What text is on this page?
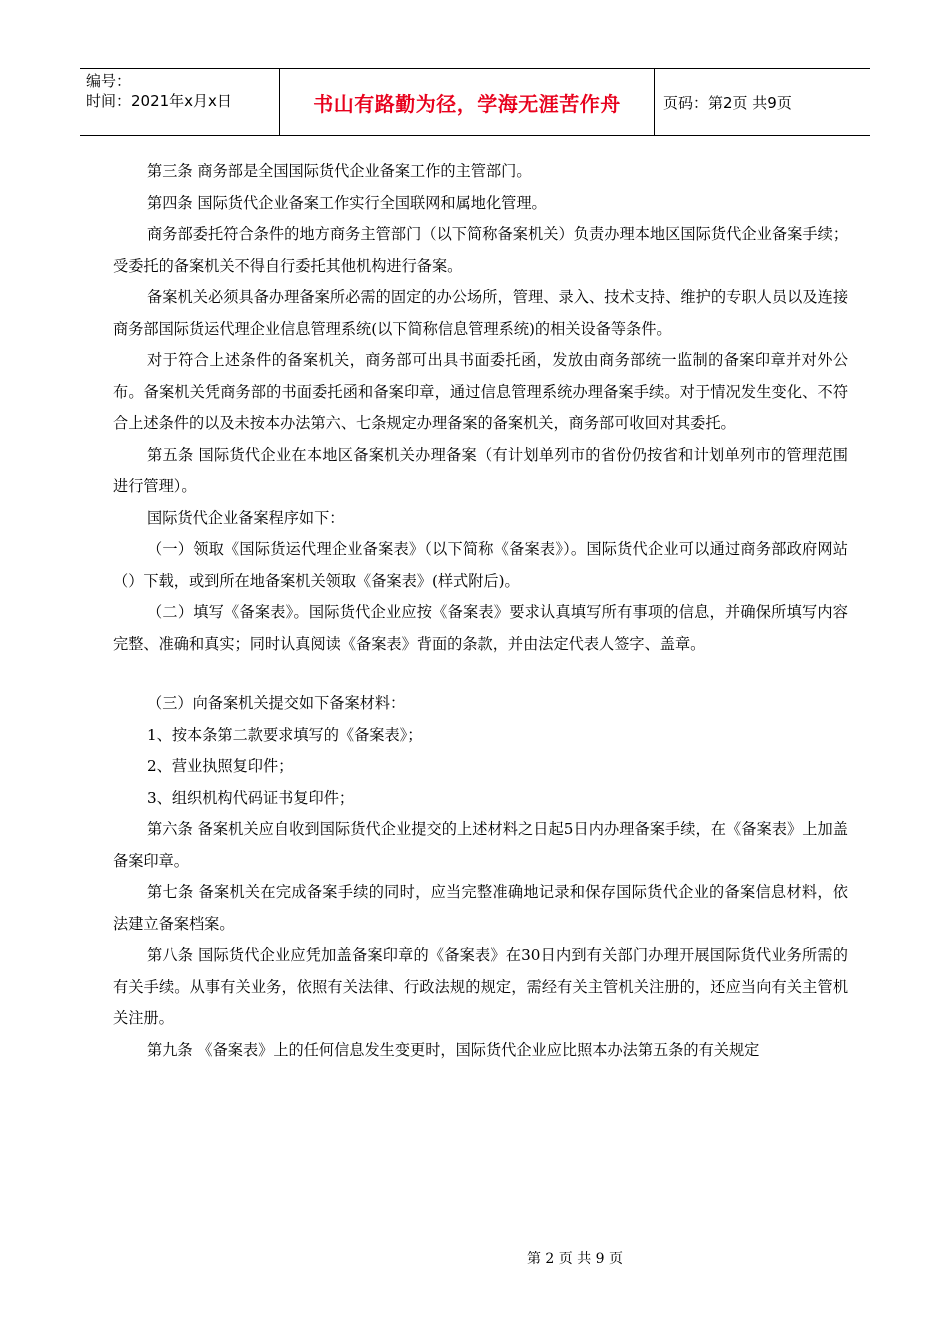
编号：
时间：2021年x月x日	书山有路勤为径，学海无涯苦作舟	页码：第2页 共9页

第三条 商务部是全国国际货代企业备案工作的主管部门。

第四条 国际货代企业备案工作实行全国联网和属地化管理。

商务部委托符合条件的地方商务主管部门（以下简称备案机关）负责办理本地区国际货代企业备案手续；受委托的备案机关不得自行委托其他机构进行备案。

备案机关必须具备办理备案所必需的固定的办公场所，管理、录入、技术支持、维护的专职人员以及连接商务部国际货运代理企业信息管理系统(以下简称信息管理系统)的相关设备等条件。

对于符合上述条件的备案机关，商务部可出具书面委托函，发放由商务部统一监制的备案印章并对外公布。备案机关凭商务部的书面委托函和备案印章，通过信息管理系统办理备案手续。对于情况发生变化、不符合上述条件的以及未按本办法第六、七条规定办理备案的备案机关，商务部可收回对其委托。

第五条 国际货代企业在本地区备案机关办理备案（有计划单列市的省份仍按省和计划单列市的管理范围进行管理）。

国际货代企业备案程序如下：

（一）领取《国际货运代理企业备案表》（以下简称《备案表》）。国际货代企业可以通过商务部政府网站（）下载，或到所在地备案机关领取《备案表》(样式附后)。

（二）填写《备案表》。国际货代企业应按《备案表》要求认真填写所有事项的信息，并确保所填写内容完整、准确和真实；同时认真阅读《备案表》背面的条款，并由法定代表人签字、盖章。

（三）向备案机关提交如下备案材料：

1、按本条第二款要求填写的《备案表》；

2、营业执照复印件；

3、组织机构代码证书复印件；

第六条 备案机关应自收到国际货代企业提交的上述材料之日起5日内办理备案手续，在《备案表》上加盖备案印章。

第七条 备案机关在完成备案手续的同时，应当完整准确地记录和保存国际货代企业的备案信息材料，依法建立备案档案。

第八条 国际货代企业应凭加盖备案印章的《备案表》在30日内到有关部门办理开展国际货代业务所需的有关手续。从事有关业务，依照有关法律、行政法规的规定，需经有关主管机关注册的，还应当向有关主管机关注册。

第九条 《备案表》上的任何信息发生变更时，国际货代企业应比照本办法第五条的有关规定

第 2 页 共 9 页
